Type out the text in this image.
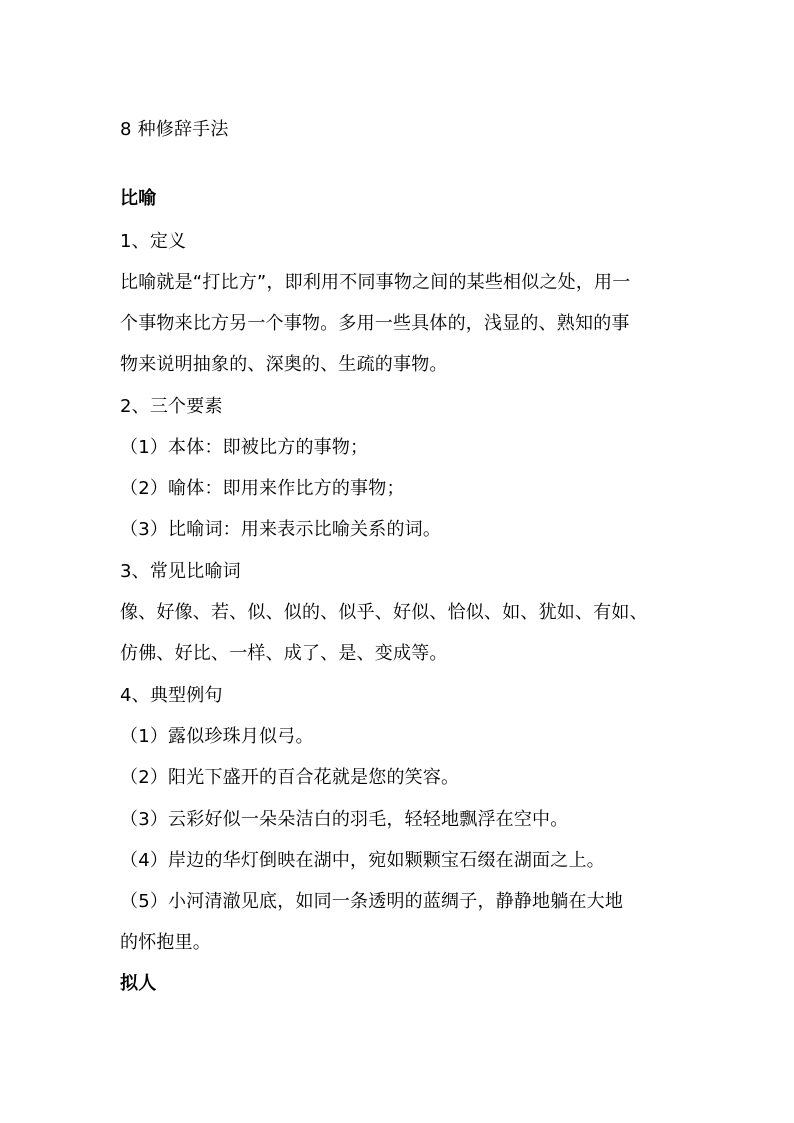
8 种修辞手法
比喻
1、定义
比喻就是“打比方”，即利用不同事物之间的某些相似之处，用一
个事物来比方另一个事物。多用一些具体的，浅显的、熟知的事
物来说明抽象的、深奥的、生疏的事物。
2、三个要素
（1）本体：即被比方的事物；
（2）喻体：即用来作比方的事物；
（3）比喻词：用来表示比喻关系的词。
3、常见比喻词
像、好像、若、似、似的、似乎、好似、恰似、如、犹如、有如、
仿佛、好比、一样、成了、是、变成等。
4、典型例句
（1）露似珍珠月似弓。
（2）阳光下盛开的百合花就是您的笑容。
（3）云彩好似一朵朵洁白的羽毛，轻轻地飘浮在空中。
（4）岸边的华灯倒映在湖中，宛如颗颗宝石缀在湖面之上。
（5）小河清澈见底，如同一条透明的蓝绸子，静静地躺在大地
的怀抱里。
拟人
